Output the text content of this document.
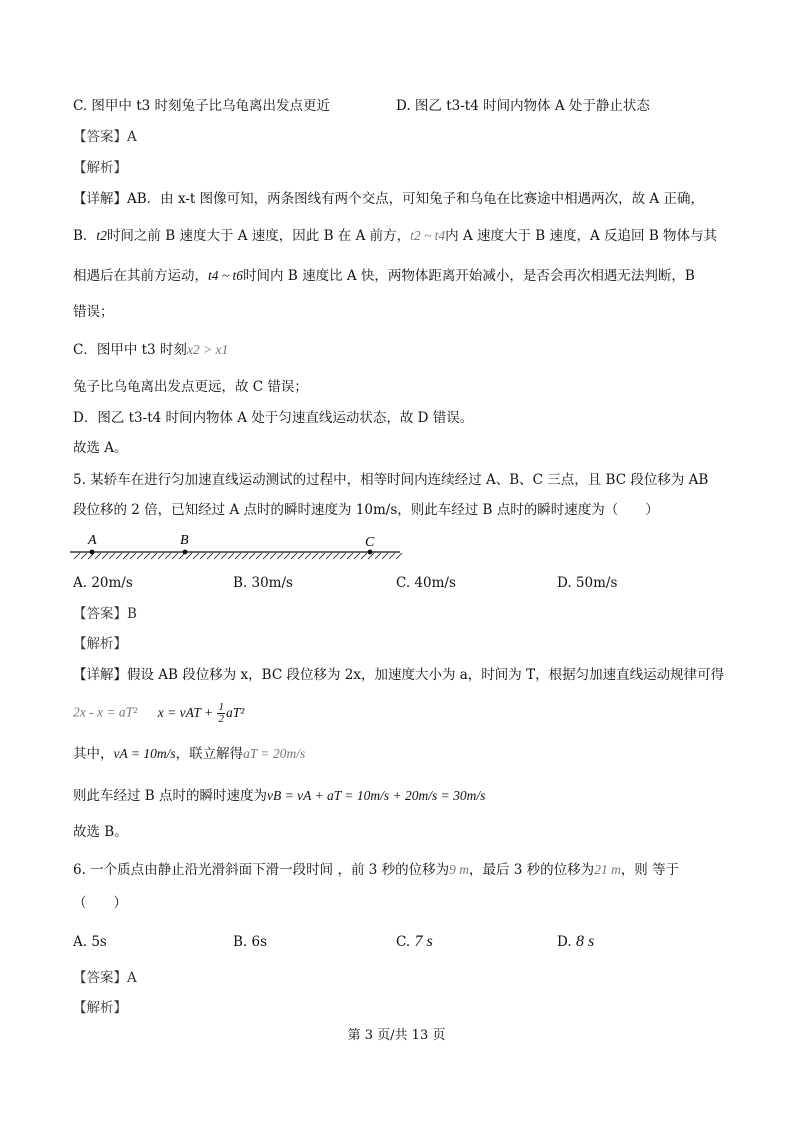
C. 图甲中 t3 时刻兔子比乌龟离出发点更近	D. 图乙 t3-t4 时间内物体 A 处于静止状态
【答案】A
【解析】
【详解】AB．由 x-t 图像可知，两条图线有两个交点，可知兔子和乌龟在比赛途中相遇两次，故 A 正确，
B．t2时间之前 B 速度大于 A 速度，因此 B 在 A 前方，t2 ~ t4内 A 速度大于 B 速度，A 反追回 B 物体与其
相遇后在其前方运动，t4 ~ t6时间内 B 速度比 A 快，两物体距离开始减小，是否会再次相遇无法判断，B
错误；
C．图甲中 t3 时刻x2 > x1
兔子比乌龟离出发点更远，故 C 错误；
D．图乙 t3-t4 时间内物体 A 处于匀速直线运动状态，故 D 错误。
故选 A。
5. 某轿车在进行匀加速直线运动测试的过程中，相等时间内连续经过 A、B、C 三点，且 BC 段位移为 AB
段位移的 2 倍，已知经过 A 点时的瞬时速度为 10m/s，则此车经过 B 点时的瞬时速度为（　　）
A	B	C
A. 20m/s	B. 30m/s	C. 40m/s	D. 50m/s
【答案】B
【解析】
【详解】假设 AB 段位移为 x，BC 段位移为 2x，加速度大小为 a，时间为 T，根据匀加速直线运动规律可得
2x - x = aT² x = vAT + $\frac{1}{2} aT^2$
其中，vA = 10m/s，联立解得aT = 20m/s
则此车经过 B 点时的瞬时速度为vB = vA + aT = 10m/s + 20m/s = 30m/s
故选 B。
6. 一个质点由静止沿光滑斜面下滑一段时间 ，前 3 秒的位移为9 m，最后 3 秒的位移为21 m，则 等于
（　　）
A. 5s	B. 6s	C. 7 s	D. 8 s
【答案】A
【解析】
第 3 页/共 13 页
